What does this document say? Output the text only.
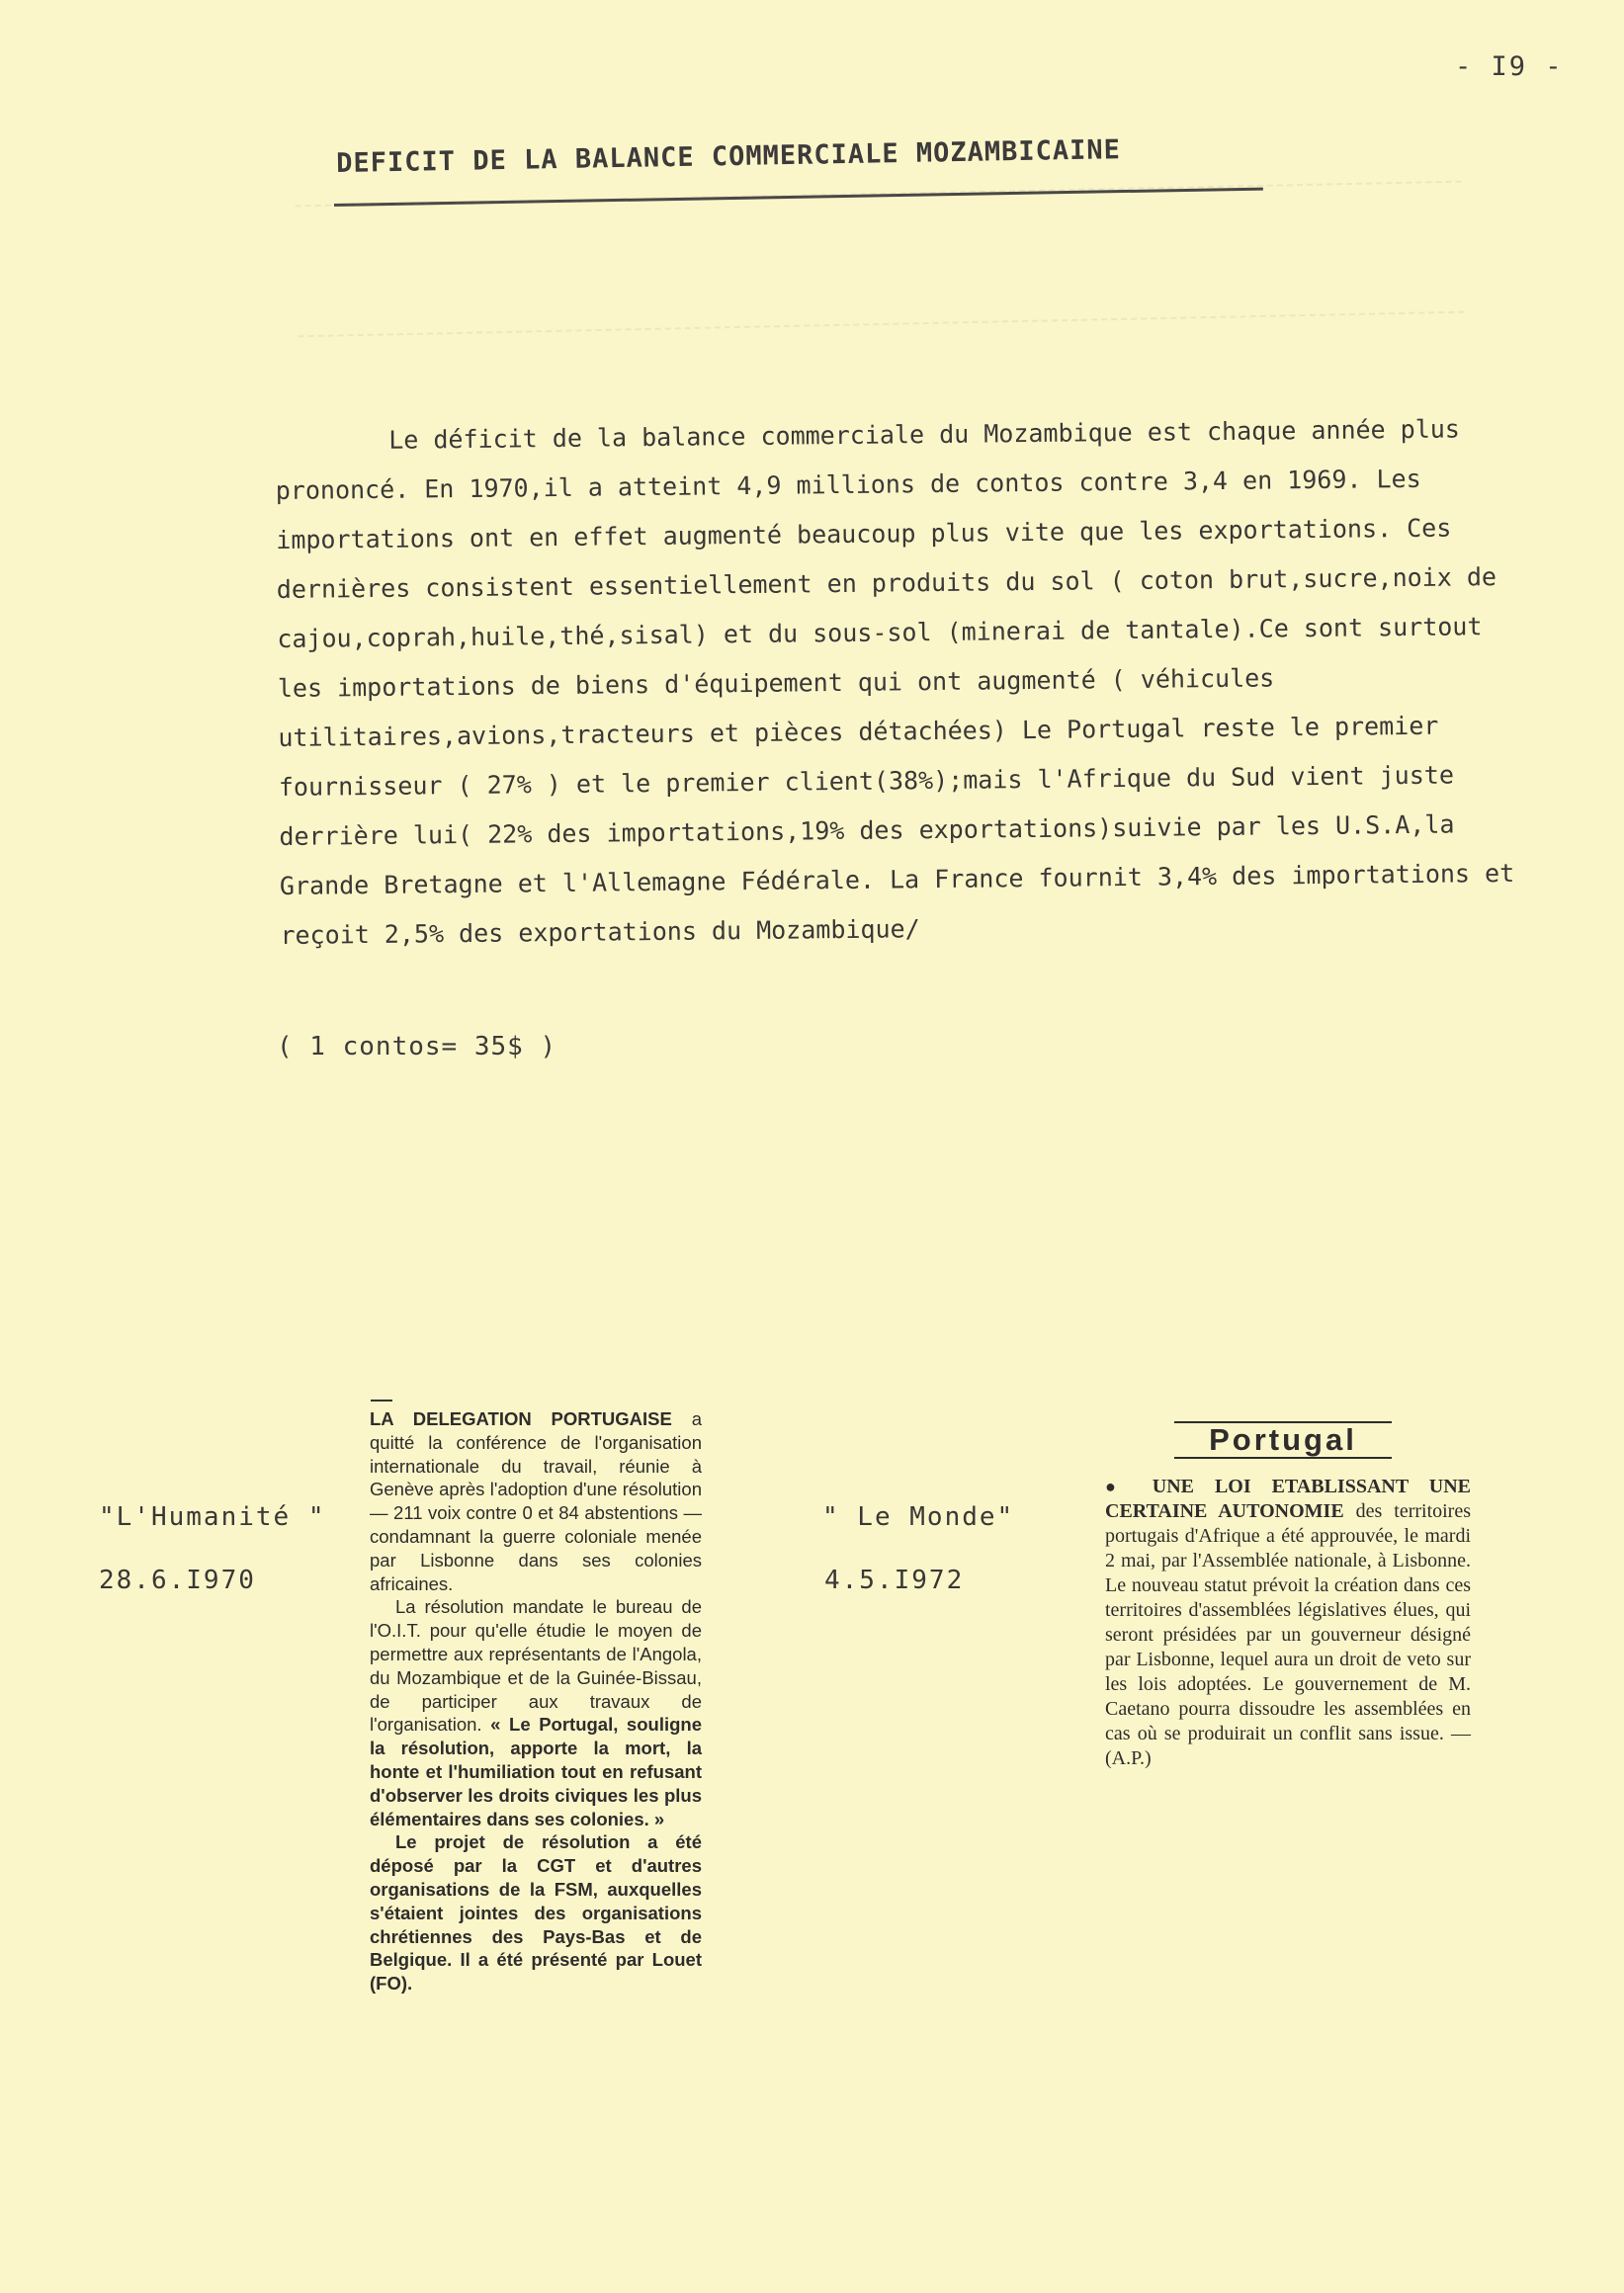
- I9 -
DEFICIT DE LA BALANCE COMMERCIALE MOZAMBICAINE

Le déficit de la balance commerciale du Mozambique est chaque année plus prononcé. En 1970,il a atteint 4,9 millions de contos contre 3,4 en 1969. Les importations ont en effet augmenté beaucoup plus vite que les exportations. Ces dernières consistent essentiellement en produits du sol ( coton brut,sucre,noix de cajou,coprah,huile,thé,sisal) et du sous-sol (minerai de tantale).Ce sont surtout les importations de biens d'équipement qui ont augmenté ( véhicules utilitaires,avions,tracteurs et pièces détachées) Le Portugal reste le premier fournisseur ( 27% ) et le premier client(38%);mais l'Afrique du Sud vient juste derrière lui( 22% des importations,19% des exportations)suivie par les U.S.A,la Grande Bretagne et l'Allemagne Fédérale. La France fournit 3,4% des importations et reçoit 2,5% des exportations du Mozambique/

( 1 contos= 35$ )
"L'Humanité "
28.6.I970

LA DELEGATION PORTUGAISE a quitté la conférence de l'organisation internationale du travail, réunie à Genève après l'adoption d'une résolution — 211 voix contre 0 et 84 abstentions — condamnant la guerre coloniale menée par Lisbonne dans ses colonies africaines.

La résolution mandate le bureau de l'O.I.T. pour qu'elle étudie le moyen de permettre aux représentants de l'Angola, du Mozambique et de la Guinée-Bissau, de participer aux travaux de l'organisation. « Le Portugal, souligne la résolution, apporte la mort, la honte et l'humiliation tout en refusant d'observer les droits civiques les plus élémentaires dans ses colonies. »

Le projet de résolution a été déposé par la CGT et d'autres organisations de la FSM, auxquelles s'étaient jointes des organisations chrétiennes des Pays-Bas et de Belgique. Il a été présenté par Louet (FO).

" Le Monde"
4.5.I972
Portugal

● UNE LOI ETABLISSANT UNE CERTAINE AUTONOMIE des territoires portugais d'Afrique a été approuvée, le mardi 2 mai, par l'Assemblée nationale, à Lisbonne. Le nouveau statut prévoit la création dans ces territoires d'assemblées législatives élues, qui seront présidées par un gouverneur désigné par Lisbonne, lequel aura un droit de veto sur les lois adoptées. Le gouvernement de M. Caetano pourra dissoudre les assemblées en cas où se produirait un conflit sans issue. — (A.P.)
